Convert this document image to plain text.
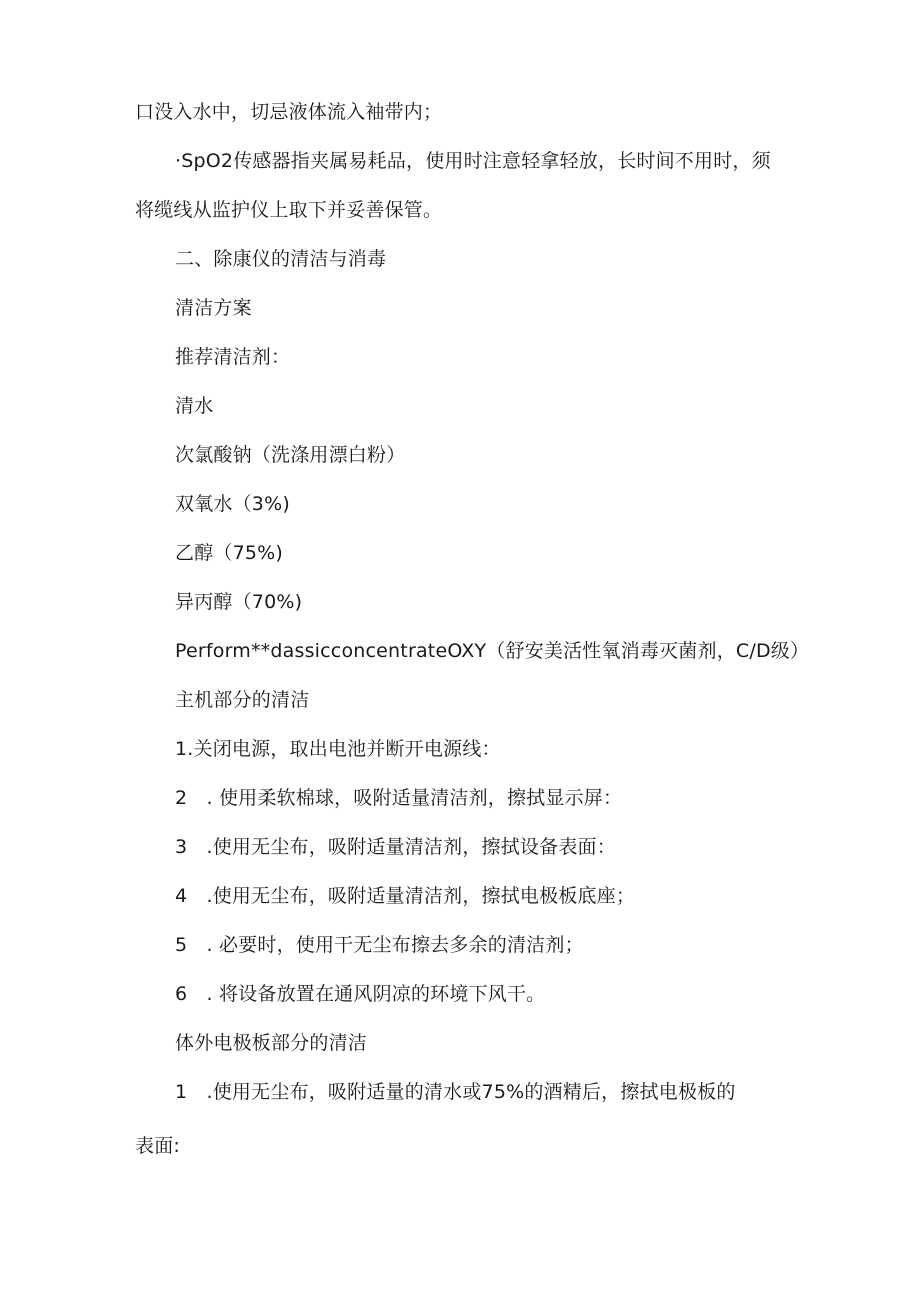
口没入水中，切忌液体流入袖带内；
·SpO2传感器指夹属易耗品，使用时注意轻拿轻放，长时间不用时，须
将缆线从监护仪上取下并妥善保管。
二、除康仪的清洁与消毒
清洁方案
推荐清洁剂：
清水
次氯酸钠（洗涤用漂白粉）
双氧水（3%)
乙醇（75%)
异丙醇（70%)
Perform**dassicconcentrateOXY（舒安美活性氧消毒灭菌剂，C/D级）
主机部分的清洁
1.关闭电源，取出电池并断开电源线：
2　. 使用柔软棉球，吸附适量清洁剂，擦拭显示屏：
3　.使用无尘布，吸附适量清洁剂，擦拭设备表面：
4　.使用无尘布，吸附适量清洁剂，擦拭电极板底座；
5　. 必要时，使用干无尘布擦去多余的清洁剂；
6　. 将设备放置在通风阴凉的环境下风干。
体外电极板部分的清洁
1　.使用无尘布，吸附适量的清水或75%的酒精后，擦拭电极板的
表面:
